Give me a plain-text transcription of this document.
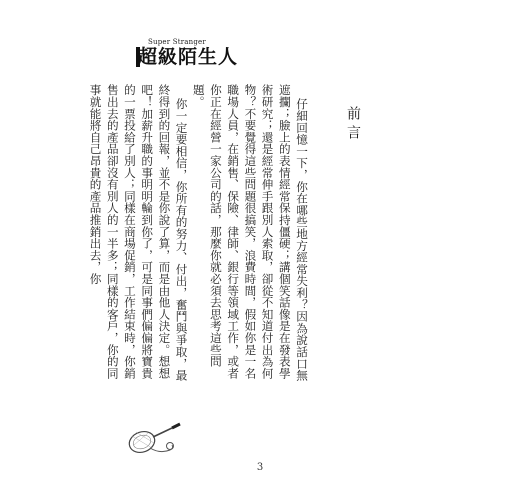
Super Stranger
超級陌生人
前言

仔細回憶一下，你在哪些地方經常失利？因為說話口無遮攔；臉上的表情經常保持僵硬；講個笑話像是在發表學術研究；還是經常伸手跟別人索取，卻從不知道付出為何物？不要覺得這些問題很搞笑，浪費時間，假如你是一名職場人員，在銷售、保險、律師、銀行等領域工作，或者你正在經營一家公司的話，那麼你就必須去思考這些問題。

你一定要相信，你所有的努力、付出，奮鬥與爭取，最終得到的回報，並不是你說了算，而是由他人決定。想想吧！加薪升職的事明明輪到你了，可是同事們偏偏將寶貴的一票投給了別人；同樣在商場促銷，工作結束時，你銷售出去的產品卻沒有別人的一半多；同樣的客戶，你的同事就能將自己昂貴的產品推銷出去，你

3
